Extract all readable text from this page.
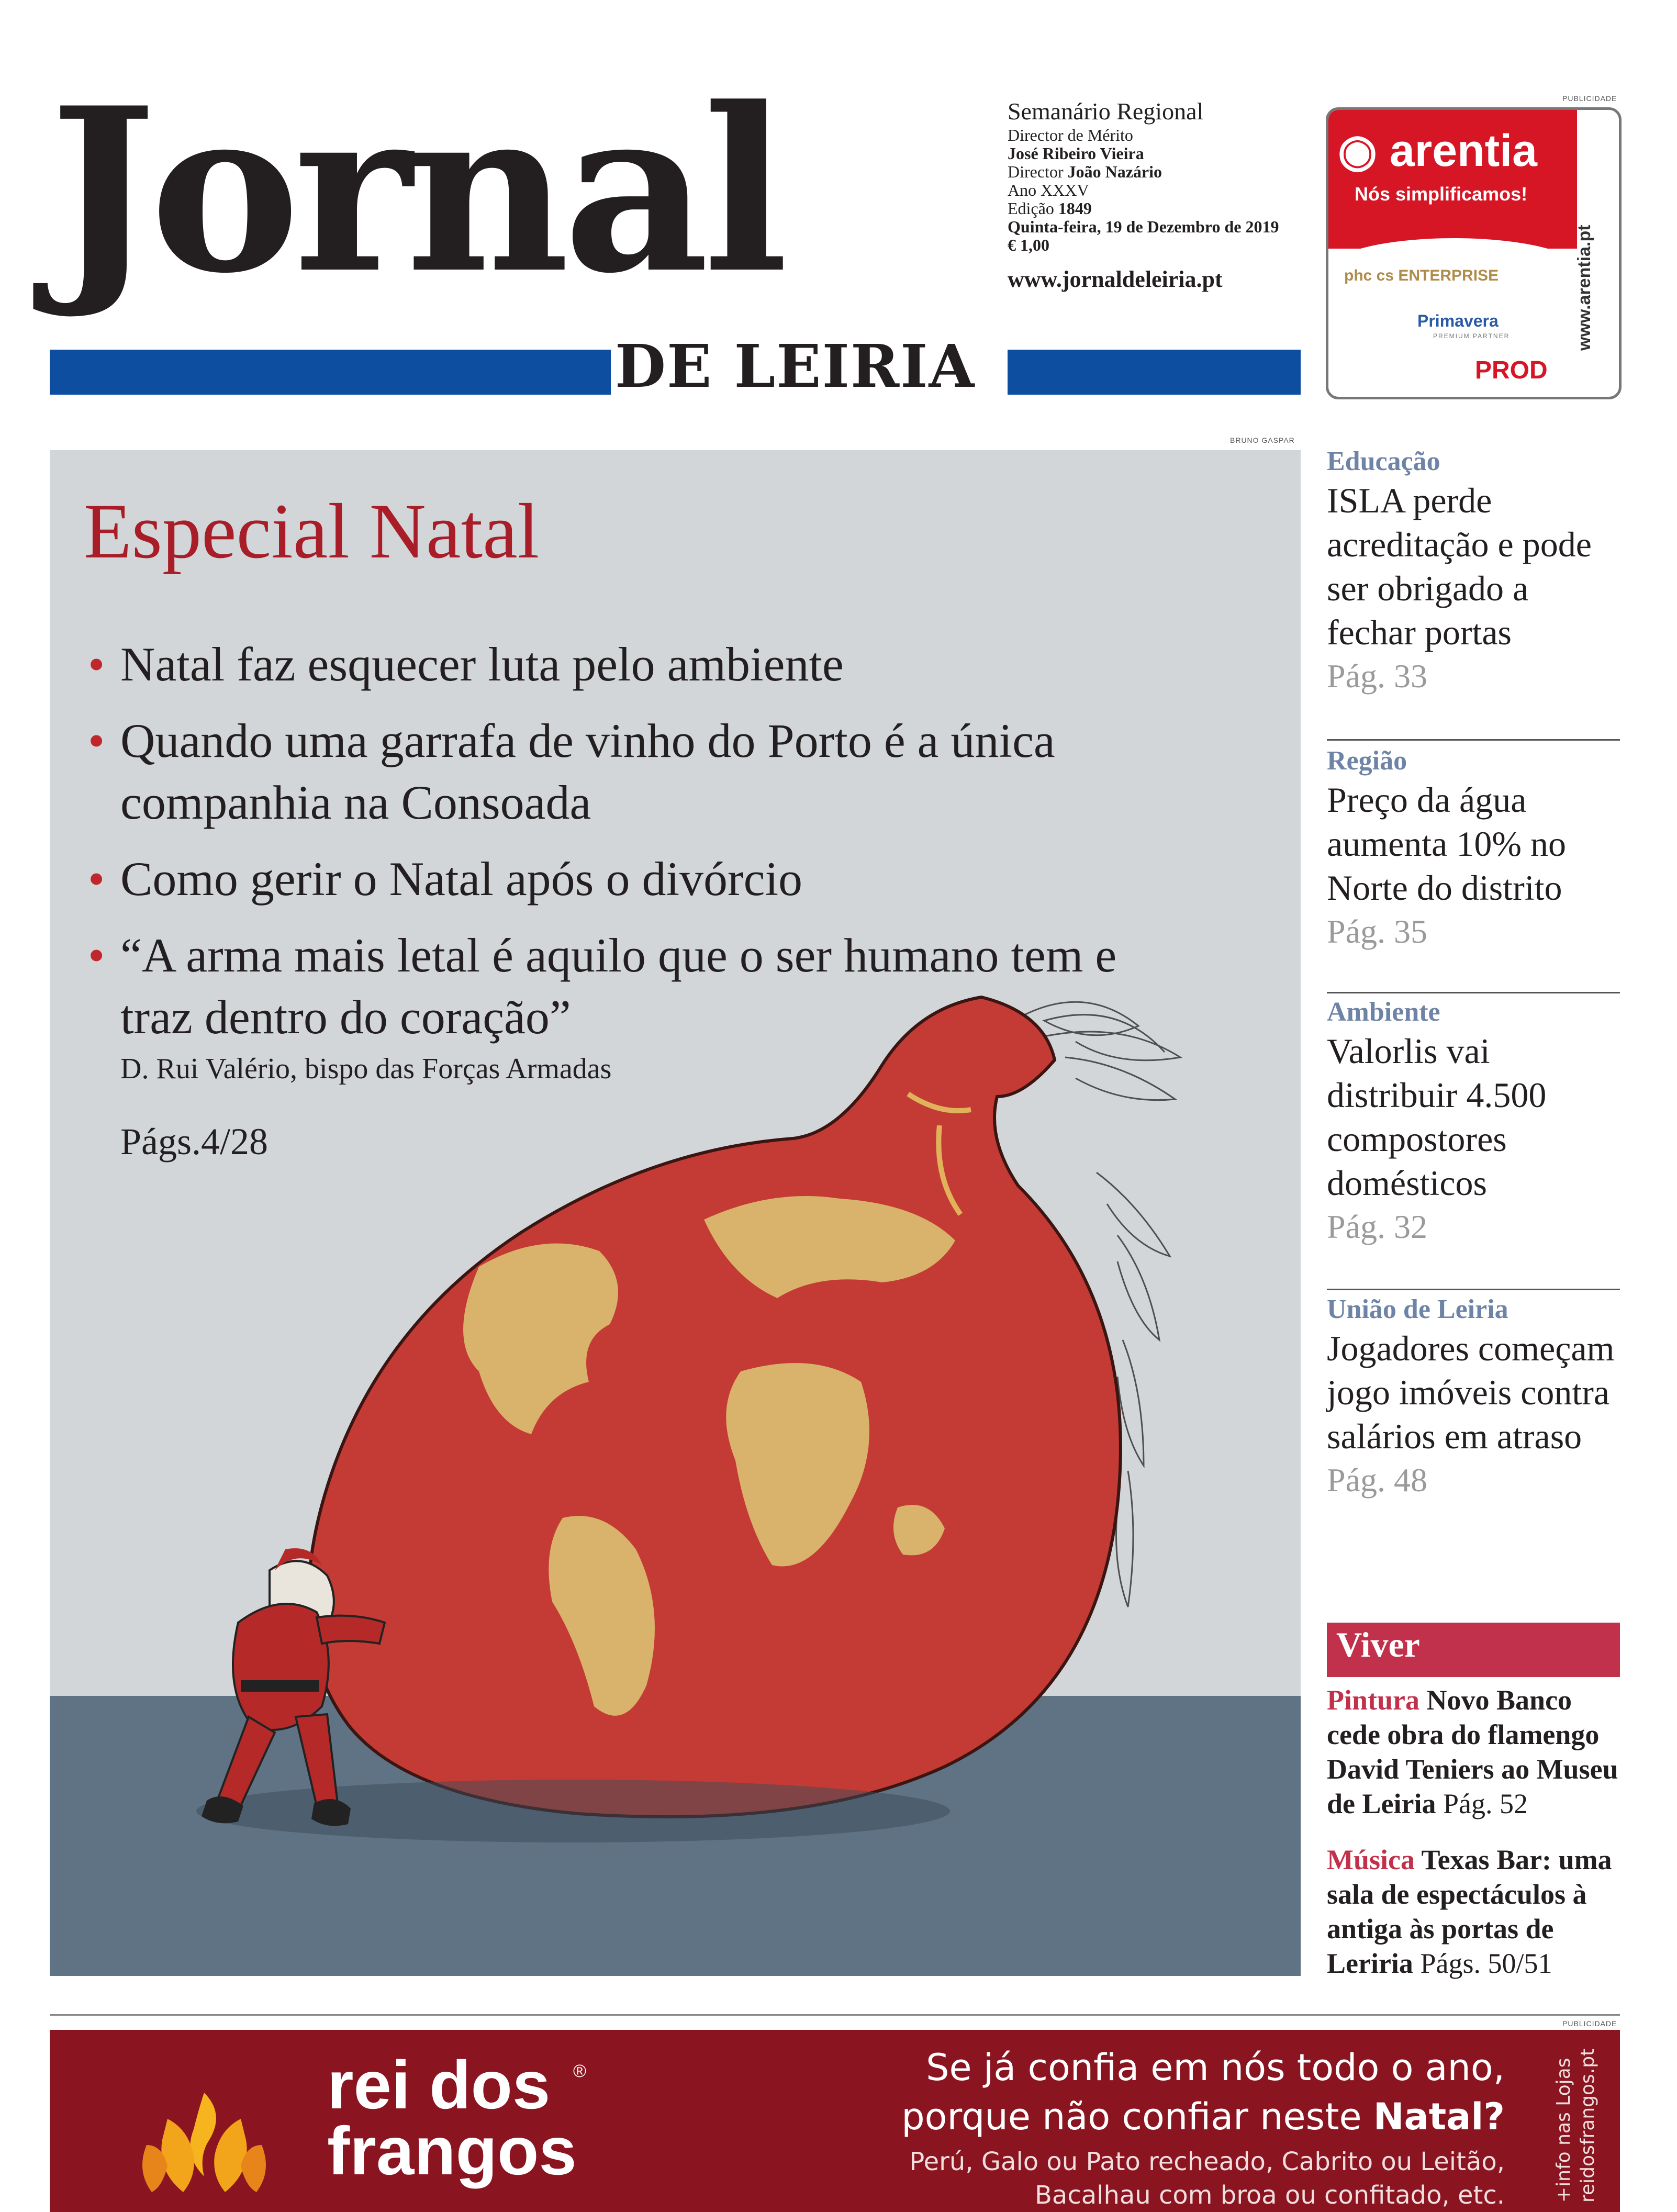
Jornal
DE LEIRIA
Semanário Regional
Director de Mérito
José Ribeiro Vieira
Director João Nazário
Ano XXXV
Edição 1849
Quinta-feira, 19 de Dezembro de 2019
€ 1,00
www.jornaldeleiria.pt
PUBLICIDADE
◉ arentia
Nós simplificamos!
phc cs ENTERPRISE
Primavera
PREMIUM PARTNER
PROD
www.arentia.pt
BRUNO GASPAR
Especial Natal
• Natal faz esquecer luta pelo ambiente
• Quando uma garrafa de vinho do Porto é a única companhia na Consoada
• Como gerir o Natal após o divórcio
• “A arma mais letal é aquilo que o ser humano tem e traz dentro do coração”
D. Rui Valério, bispo das Forças Armadas
Págs.4/28
Educação
ISLA perde acreditação e pode ser obrigado a fechar portas
Pág. 33
Região
Preço da água aumenta 10% no Norte do distrito
Pág. 35
Ambiente
Valorlis vai distribuir 4.500 compostores domésticos
Pág. 32
União de Leiria
Jogadores começam jogo imóveis contra salários em atraso
Pág. 48
Viver
Pintura Novo Banco cede obra do flamengo David Teniers ao Museu de Leiria Pág. 52
Música Texas Bar: uma sala de espectáculos à antiga às portas de Leriria Págs. 50/51
PUBLICIDADE
rei dos
frangos
®	Se já confia em nós todo o ano,
porque não confiar neste Natal?
Perú, Galo ou Pato recheado, Cabrito ou Leitão,
Bacalhau com broa ou confitado, etc.	+info nas Lojas reidosfrangos.pt
